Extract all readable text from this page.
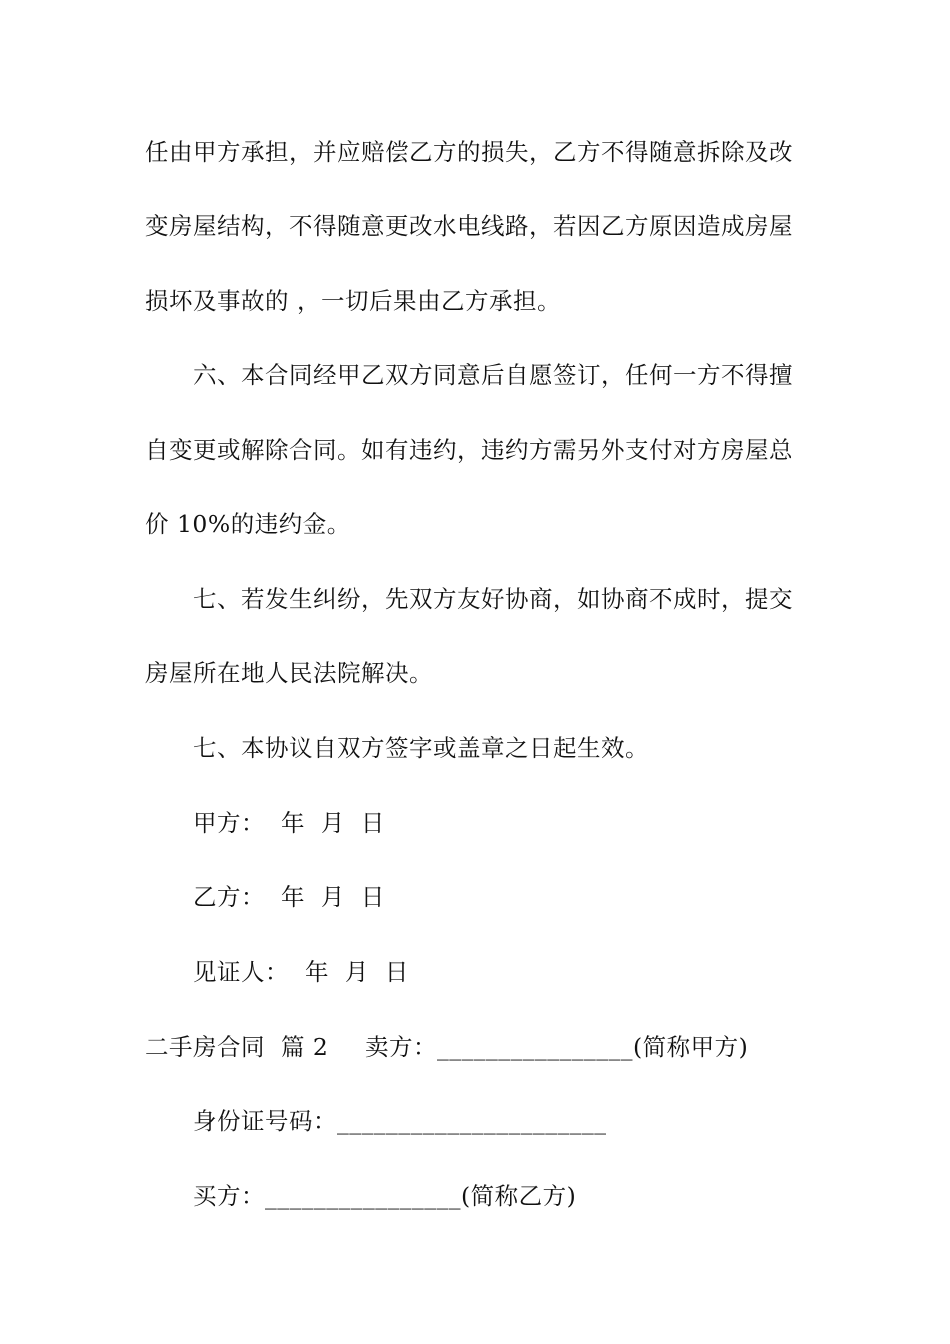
任由甲方承担，并应赔偿乙方的损失，乙方不得随意拆除及改
变房屋结构，不得随意更改水电线路，若因乙方原因造成房屋
损坏及事故的 ，一切后果由乙方承担。
六、本合同经甲乙双方同意后自愿签订，任何一方不得擅
自变更或解除合同。如有违约，违约方需另外支付对方房屋总
价 10%的违约金。
七、若发生纠纷，先双方友好协商，如协商不成时，提交
房屋所在地人民法院解决。
七、本协议自双方签字或盖章之日起生效。
甲方：  年  月  日
乙方：  年  月  日
见证人：  年  月  日
二手房合同  篇 2 卖方：________________(简称甲方)
身份证号码：______________________
买方：________________(简称乙方)
